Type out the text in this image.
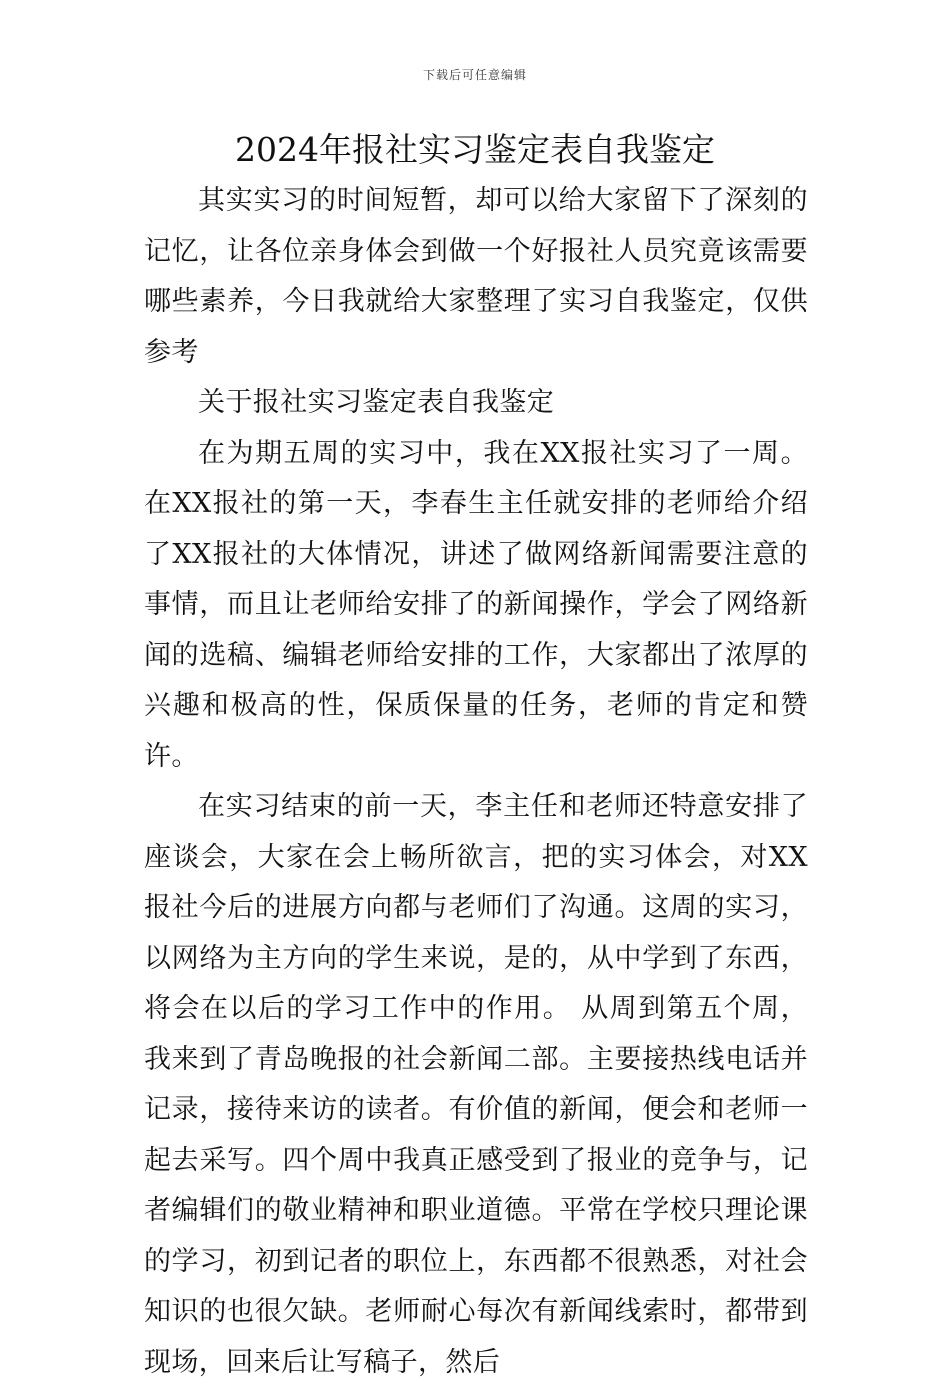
下载后可任意编辑
2024年报社实习鉴定表自我鉴定

其实实习的时间短暂，却可以给大家留下了深刻的记忆，让各位亲身体会到做一个好报社人员究竟该需要哪些素养，今日我就给大家整理了实习自我鉴定，仅供参考

关于报社实习鉴定表自我鉴定

在为期五周的实习中，我在XX报社实习了一周。在XX报社的第一天，李春生主任就安排的老师给介绍了XX报社的大体情况，讲述了做网络新闻需要注意的事情，而且让老师给安排了的新闻操作，学会了网络新闻的选稿、编辑老师给安排的工作，大家都出了浓厚的兴趣和极高的性，保质保量的任务，老师的肯定和赞许。

在实习结束的前一天，李主任和老师还特意安排了座谈会，大家在会上畅所欲言，把的实习体会，对XX报社今后的进展方向都与老师们了沟通。这周的实习，以网络为主方向的学生来说，是的，从中学到了东西，将会在以后的学习工作中的作用。 从周到第五个周，我来到了青岛晚报的社会新闻二部。主要接热线电话并记录，接待来访的读者。有价值的新闻，便会和老师一起去采写。四个周中我真正感受到了报业的竞争与，记者编辑们的敬业精神和职业道德。平常在学校只理论课的学习，初到记者的职位上，东西都不很熟悉，对社会知识的也很欠缺。老师耐心每次有新闻线索时，都带到现场，回来后让写稿子，然后
